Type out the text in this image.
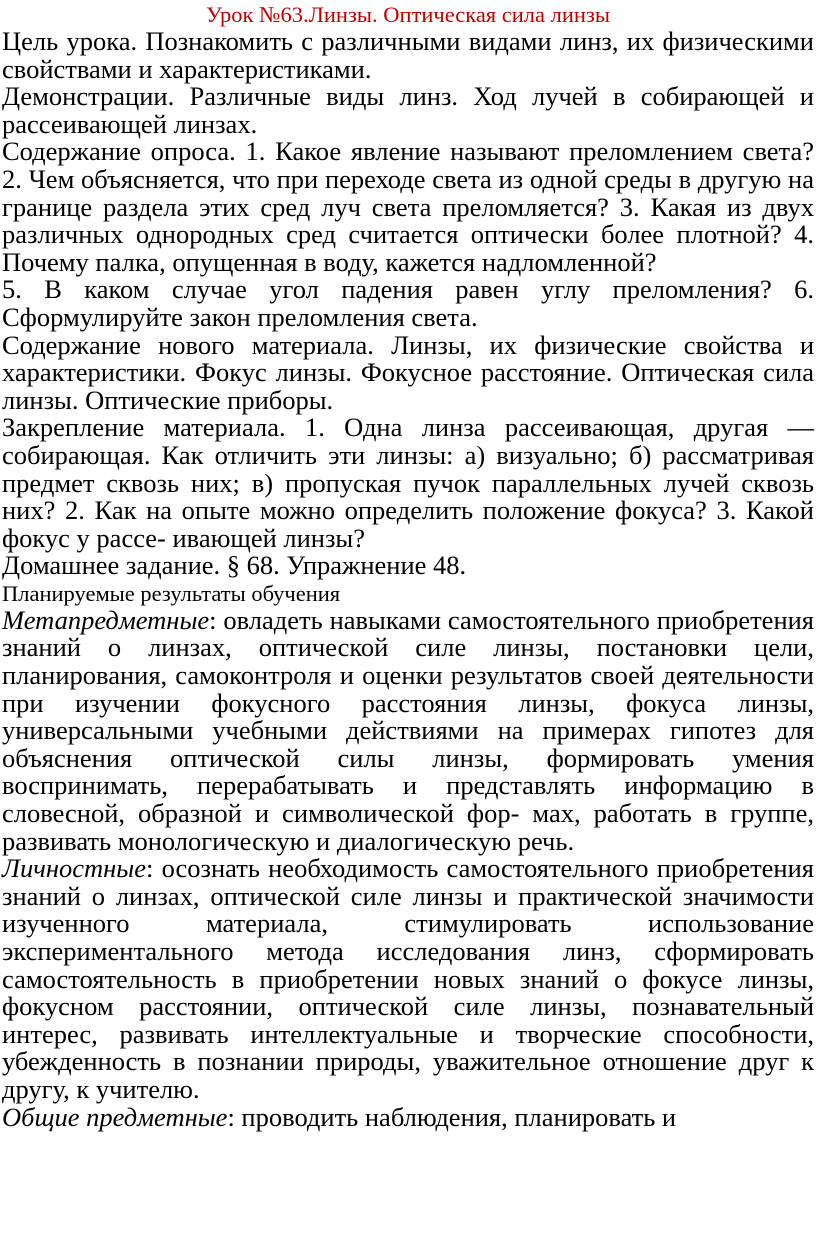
Урок №63.Линзы. Оптическая сила линзы

Цель урока. Познакомить с различными видами линз, их физическими свойствами и характеристиками.

Демонстрации. Различные виды линз. Ход лучей в собирающей и рассеивающей линзах.

Содержание опроса. 1. Какое явление называют преломлением света? 2. Чем объясняется, что при переходе света из одной среды в другую на границе раздела этих сред луч света преломляется? 3. Какая из двух различных однородных сред считается оптически более плотной? 4. Почему палка, опущенная в воду, кажется надломленной?

5. В каком случае угол падения равен углу преломления? 6. Сформулируйте закон преломления света.

Содержание нового материала. Линзы, их физические свойства и характеристики. Фокус линзы. Фокусное расстояние. Оптическая сила линзы. Оптические приборы.

Закрепление материала. 1. Одна линза рассеивающая, другая — собирающая. Как отличить эти линзы: а) визуально; б) рассматривая предмет сквозь них; в) пропуская пучок параллельных лучей сквозь них? 2. Как на опыте можно определить положение фокуса? 3. Какой фокус у рассе- ивающей линзы?

Домашнее задание. § 68. Упражнение 48.

Планируемые результаты обучения

Метапредметные: овладеть навыками самостоятельного приобретения знаний о линзах, оптической силе линзы, постановки цели, планирования, самоконтроля и оценки результатов своей деятельности при изучении фокусного расстояния линзы, фокуса линзы, универсальными учебными действиями на примерах гипотез для объяснения оптической силы линзы, формировать умения воспринимать, перерабатывать и представлять информацию в словесной, образной и символической фор- мах, работать в группе, развивать монологическую и диалогическую речь.

Личностные: осознать необходимость самостоятельного приобретения знаний о линзах, оптической силе линзы и практической значимости изученного материала, стимулировать использование экспериментального метода исследования линз, сформировать самостоятельность в приобретении новых знаний о фокусе линзы, фокусном расстоянии, оптической силе линзы, познавательный интерес, развивать интеллектуальные и творческие способности, убежденность в познании природы, уважительное отношение друг к другу, к учителю.

Общие предметные: проводить наблюдения, планировать и
